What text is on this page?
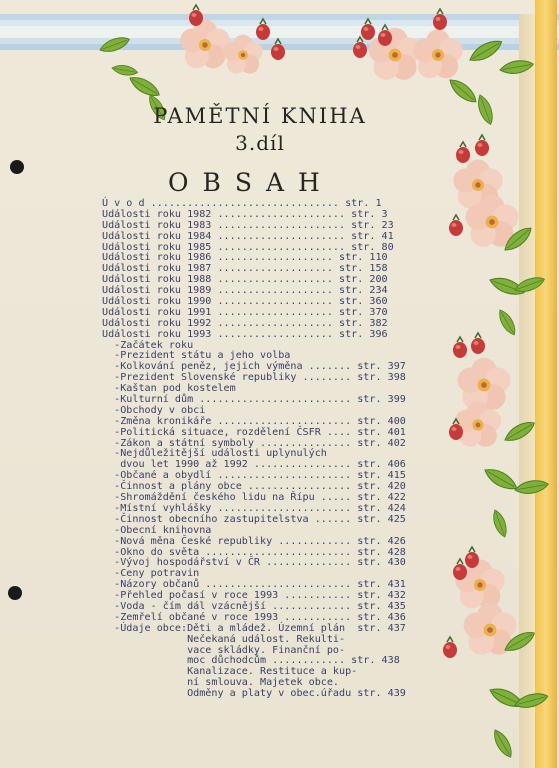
PAMĚTNÍ KNIHA
3.díl
OBSAH
Ú v o d ............................... str. 1
Události roku 1982 ..................... str. 3
Události roku 1983 ..................... str. 23
Události roku 1984 ..................... str. 41
Události roku 1985 ..................... str. 80
Události roku 1986 ................... str. 110
Události roku 1987 ................... str. 158
Události roku 1988 ................... str. 200
Události roku 1989 ................... str. 234
Události roku 1990 ................... str. 360
Události roku 1991 ................... str. 370
Události roku 1992 ................... str. 382
Události roku 1993 ................... str. 396
-Začátek roku
-Prezident státu a jeho volba
-Kolkování peněz, jejich výměna ....... str. 397
-Prezident Slovenské republiky ........ str. 398
-Kaštan pod kostelem
-Kulturní dům ......................... str. 399
-Obchody v obci
-Změna kronikáře ...................... str. 400
-Politická situace, rozdělení ČSFR .... str. 401
-Zákon a státní symboly ............... str. 402
-Nejdůležitější události uplynulých
dvou let 1990 až 1992 ................ str. 406
-Občané a obydlí ...................... str. 415
-Činnost a plány obce ................. str. 420
-Shromáždění českého lidu na Řípu ..... str. 422
-Místní vyhlášky ...................... str. 424
-Činnost obecního zastupitelstva ...... str. 425
-Obecní knihovna
-Nová měna České republiky ............ str. 426
-Okno do světa ........................ str. 428
-Vývoj hospodářství v ČR .............. str. 430
-Ceny potravin
-Názory občanů ........................ str. 431
-Přehled počasí v roce 1993 ........... str. 432
-Voda - čím dál vzácnější ............. str. 435
-Zemřelí občané v roce 1993 ........... str. 436
-Údaje obce:Děti a mládež. Územní plán  str. 437
Nečekaná událost. Rekulti-
vace skládky. Finanční po-
moc důchodcům ............ str. 438
Kanalizace. Restituce a kup-
ní smlouva. Majetek obce.
Odměny a platy v obec.úřadu str. 439
